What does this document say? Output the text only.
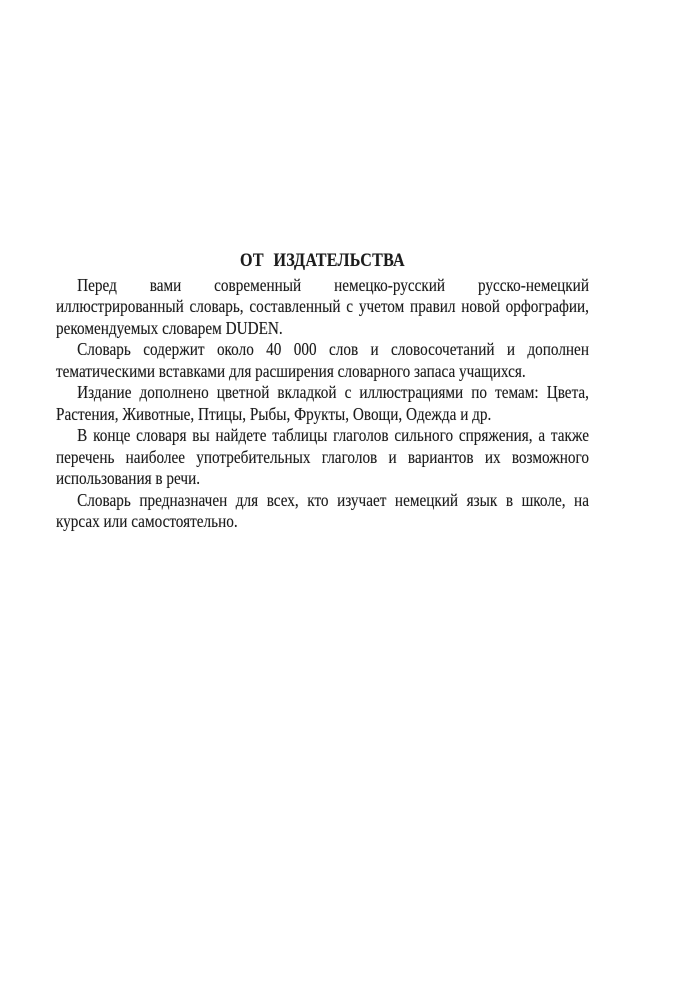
ОТ ИЗДАТЕЛЬСТВА

Перед вами современный немецко-русский русско-немецкий иллюстрированный словарь, составленный с учетом правил новой орфографии, рекомендуемых словарем DUDEN.

Словарь содержит около 40 000 слов и словосочетаний и дополнен тематическими вставками для расширения словарного запаса учащихся.

Издание дополнено цветной вкладкой с иллюстрациями по темам: Цвета, Растения, Животные, Птицы, Рыбы, Фрукты, Овощи, Одежда и др.

В конце словаря вы найдете таблицы глаголов сильного спряжения, а также перечень наиболее употребительных глаголов и вариантов их возможного использования в речи.

Словарь предназначен для всех, кто изучает немецкий язык в школе, на курсах или самостоятельно.
